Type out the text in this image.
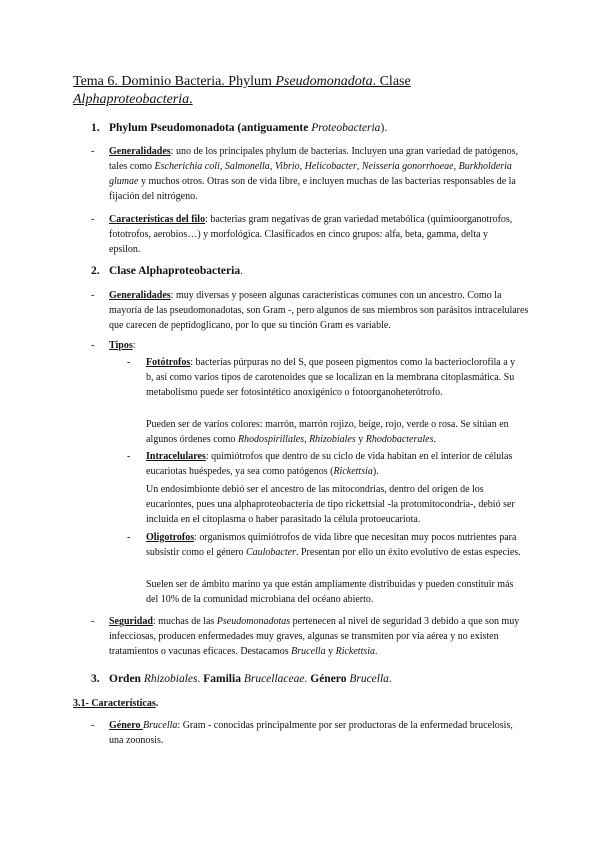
Tema 6. Dominio Bacteria. Phylum Pseudomonadota. Clase
Alphaproteobacteria.
1. Phylum Pseudomonadota (antiguamente Proteobacteria).
- Generalidades: uno de los principales phylum de bacterias. Incluyen una gran variedad de patógenos, tales como Escherichia coli, Salmonella, Vibrio, Helicobacter, Neisseria gonorrhoeae, Burkholderia glumae y muchos otros. Otras son de vida libre, e incluyen muchas de las bacterias responsables de la fijación del nitrógeno.
- Características del filo: bacterias gram negativas de gran variedad metabólica (quimioorganotrofos, fototrofos, aerobios…) y morfológica. Clasificados en cinco grupos: alfa, beta, gamma, delta y epsilon.
2. Clase Alphaproteobacteria.
- Generalidades: muy diversas y poseen algunas características comunes con un ancestro. Como la mayoría de las pseudomonadotas, son Gram -, pero algunos de sus miembros son parásitos intracelulares que carecen de peptidoglicano, por lo que su tinción Gram es variable.
- Tipos:
- Fotótrofos: bacterias púrpuras no del S, que poseen pigmentos como la bacterioclorofila a y b, así como varios tipos de carotenoides que se localizan en la membrana citoplasmática. Su metabolismo puede ser fotosintético anoxigénico o fotoorganoheterótrofo.
Pueden ser de varios colores: marrón, marrón rojizo, beige, rojo, verde o rosa. Se sitúan en algunos órdenes como Rhodospirillales, Rhizobiales y Rhodobacterales.
- Intracelulares: quimiótrofos que dentro de su ciclo de vida habitan en el interior de células eucariotas huéspedes, ya sea como patógenos (Rickettsia).
Un endosimbionte debió ser el ancestro de las mitocondrias, dentro del origen de los eucariontes, pues una alphaproteobacteria de tipo rickettsial -la protomitocondria-, debió ser incluida en el citoplasma o haber parasitado la célula protoeucariota.
- Oligotrofos: organismos quimiótrofos de vida libre que necesitan muy pocos nutrientes para subsistir como el género Caulobacter. Presentan por ello un éxito evolutivo de estas especies.
Suelen ser de ámbito marino ya que están ampliamente distribuidas y pueden constituir más del 10% de la comunidad microbiana del océano abierto.
- Seguridad: muchas de las Pseudomonadotas pertenecen al nivel de seguridad 3 debido a que son muy infecciosas, producen enfermedades muy graves, algunas se transmiten por vía aérea y no existen tratamientos o vacunas eficaces. Destacamos Brucella y Rickettsia.
3. Orden Rhizobiales. Familia Brucellaceae. Género Brucella.
3.1- Características.
- Género Brucella: Gram - conocidas principalmente por ser productoras de la enfermedad brucelosis, una zoonosis.
